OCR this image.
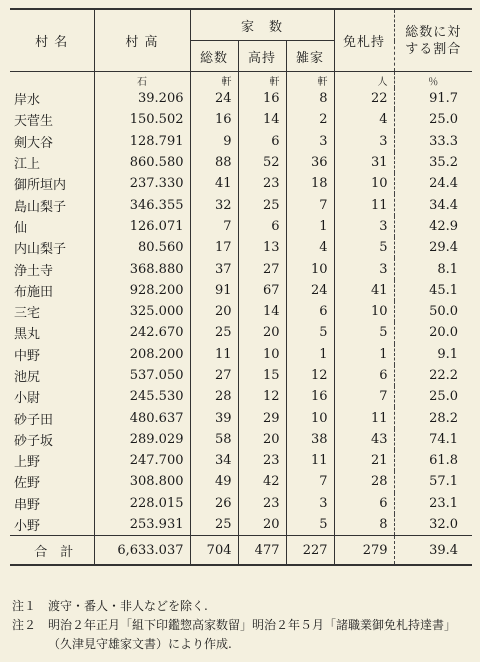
村 名	村 高	家　数			免札持	総数に対
する割合

		総数	高持	雑家		
	石	軒	軒	軒	人	％
岸水	39.206	24	16	8	22	91.7
天菅生	150.502	16	14	2	4	25.0
剣大谷	128.791	9	6	3	3	33.3
江上	860.580	88	52	36	31	35.2
御所垣内	237.330	41	23	18	10	24.4
島山梨子	346.355	32	25	7	11	34.4
仙	126.071	7	6	1	3	42.9
内山梨子	80.560	17	13	4	5	29.4
浄土寺	368.880	37	27	10	3	8.1
布施田	928.200	91	67	24	41	45.1
三宅	325.000	20	14	6	10	50.0
黒丸	242.670	25	20	5	5	20.0
中野	208.200	11	10	1	1	9.1
池尻	537.050	27	15	12	6	22.2
小尉	245.530	28	12	16	7	25.0
砂子田	480.637	39	29	10	11	28.2
砂子坂	289.029	58	20	38	43	74.1
上野	247.700	34	23	11	21	61.8
佐野	308.800	49	42	7	28	57.1
串野	228.015	26	23	3	6	23.1
小野	253.931	25	20	5	8	32.0
合　計	6,633.037	704	477	227	279	39.4
注１ 渡守・番人・非人などを除く.
注２ 明治２年正月「組下印鑑惣高家数留」明治２年５月「諸職業御免札持達書」（久津見守雄家文書）により作成.
